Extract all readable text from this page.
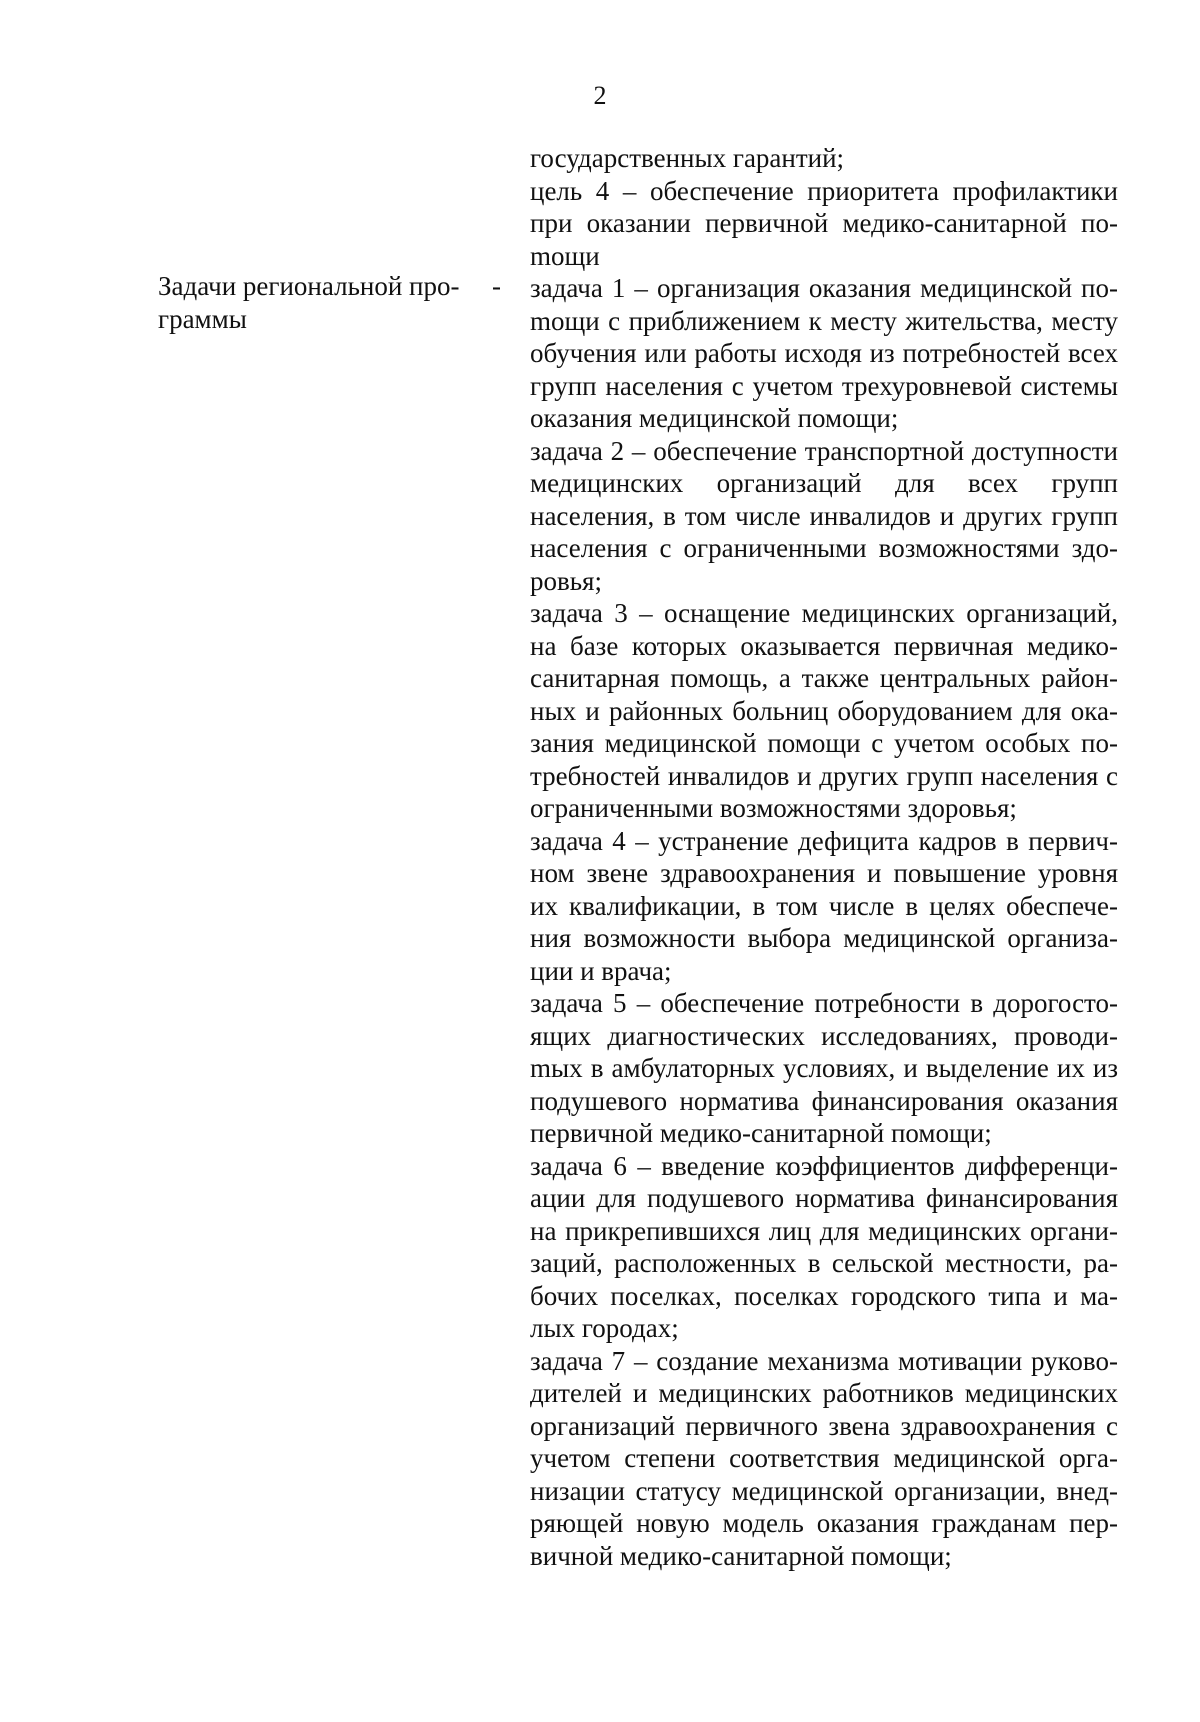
2
Задачи региональной про-
граммы
-

государственных гарантий;

цель 4 – обеспечение приоритета профилактики при оказании первичной медико-санитарной поmощи

задача 1 – организация оказания медицинской поmощи с приближением к месту жительства, месту обучения или работы исходя из потребностей всех групп населения с учетом трехуровневой системы оказания медицинской помощи;

задача 2 – обеспечение транспортной доступности медицинских организаций для всех групп населения, в том числе инвалидов и других групп населения с ограниченными возможностями здоровья;

задача 3 – оснащение медицинских организаций, на базе которых оказывается первичная медико-санитарная помощь, а также центральных районных и районных больниц оборудованием для оказания медицинской помощи с учетом особых потребностей инвалидов и других групп населения с ограниченными возможностями здоровья;

задача 4 – устранение дефицита кадров в первичном звене здравоохранения и повышение уровня их квалификации, в том числе в целях обеспечения возможности выбора медицинской организации и врача;

задача 5 – обеспечение потребности в дорогостоящих диагностических исследованиях, проводиmых в амбулаторных условиях, и выделение их из подушевого норматива финансирования оказания первичной медико-санитарной помощи;

задача 6 – введение коэффициентов дифференциации для подушевого норматива финансирования на прикрепившихся лиц для медицинских организаций, расположенных в сельской местности, рабочих поселках, поселках городского типа и малых городах;

задача 7 – создание механизма мотивации руководителей и медицинских работников медицинских организаций первичного звена здравоохранения с учетом степени соответствия медицинской организации статусу медицинской организации, внедряющей новую модель оказания гражданам первичной медико-санитарной помощи;
